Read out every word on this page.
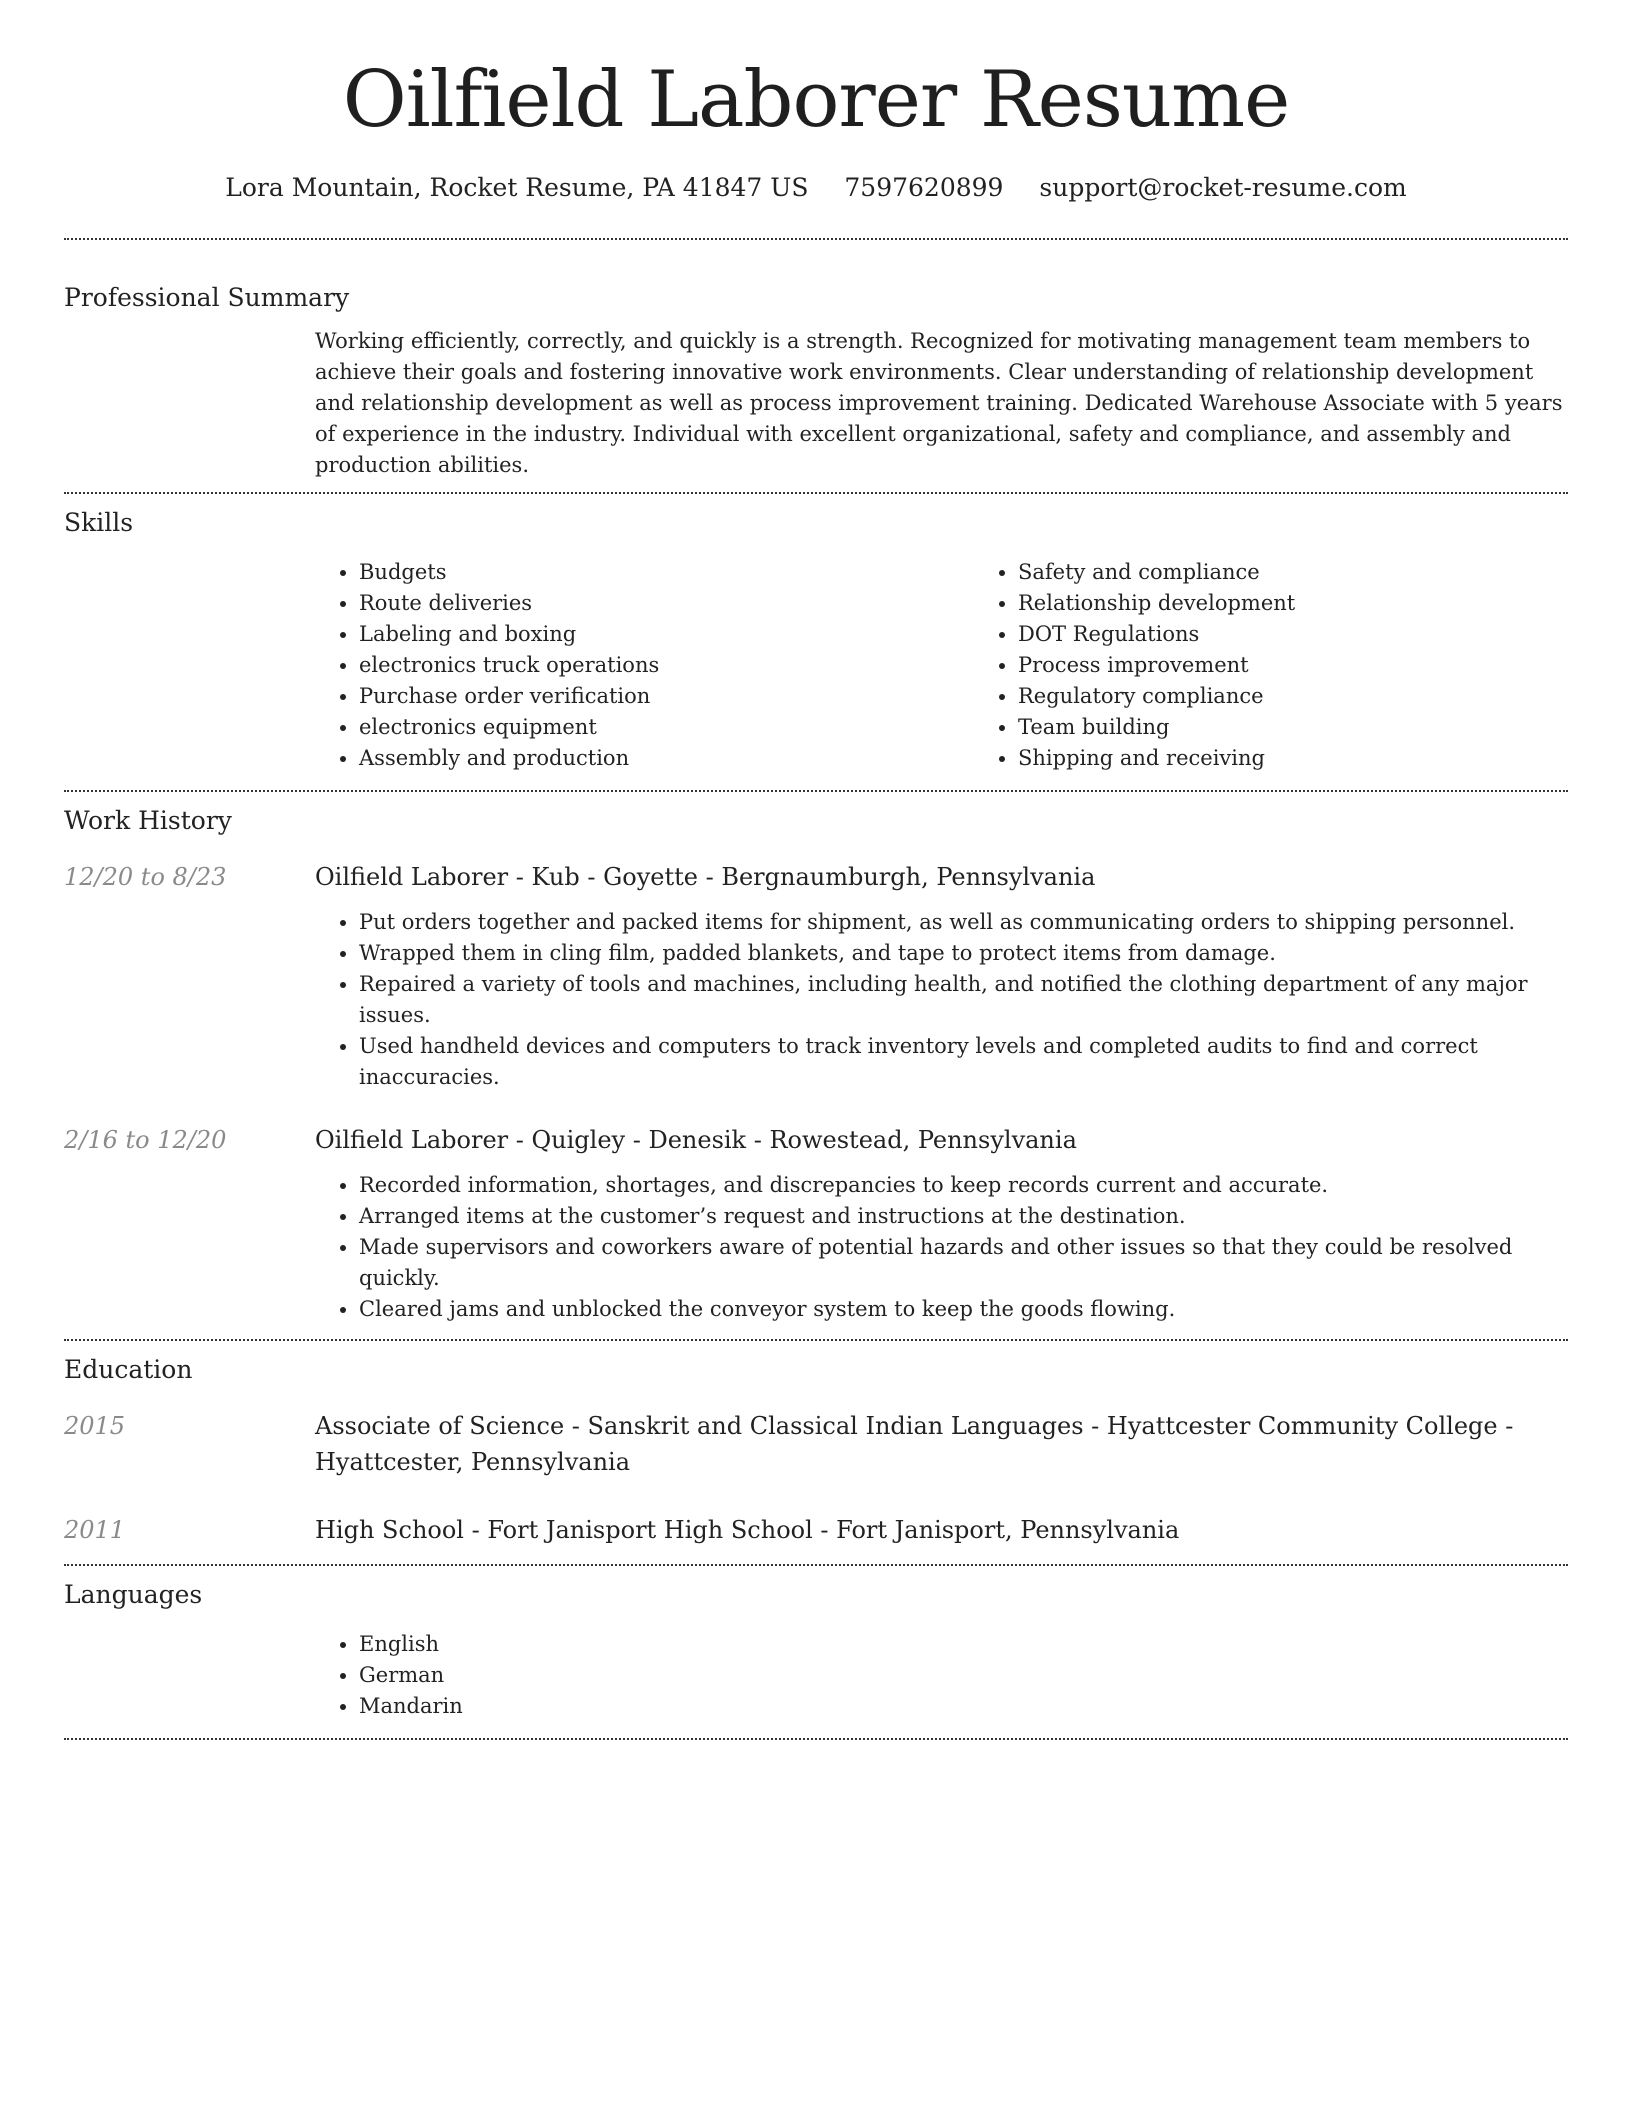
Oilfield Laborer Resume
Lora Mountain, Rocket Resume, PA 41847 US 7597620899 support@rocket-resume.com
Professional Summary
Working efficiently, correctly, and quickly is a strength. Recognized for motivating management team members to achieve their goals and fostering innovative work environments. Clear understanding of relationship development and relationship development as well as process improvement training. Dedicated Warehouse Associate with 5 years of experience in the industry. Individual with excellent organizational, safety and compliance, and assembly and production abilities.
Skills
• Budgets
• Route deliveries
• Labeling and boxing
• electronics truck operations
• Purchase order verification
• electronics equipment
• Assembly and production
• Safety and compliance
• Relationship development
• DOT Regulations
• Process improvement
• Regulatory compliance
• Team building
• Shipping and receiving
Work History
12/20 to 8/23	Oilfield Laborer - Kub - Goyette - Bergnaumburgh, Pennsylvania
• Put orders together and packed items for shipment, as well as communicating orders to shipping personnel.
• Wrapped them in cling film, padded blankets, and tape to protect items from damage.
• Repaired a variety of tools and machines, including health, and notified the clothing department of any major issues.
• Used handheld devices and computers to track inventory levels and completed audits to find and correct inaccuracies.
2/16 to 12/20	Oilfield Laborer - Quigley - Denesik - Rowestead, Pennsylvania
• Recorded information, shortages, and discrepancies to keep records current and accurate.
• Arranged items at the customer’s request and instructions at the destination.
• Made supervisors and coworkers aware of potential hazards and other issues so that they could be resolved quickly.
• Cleared jams and unblocked the conveyor system to keep the goods flowing.
Education
2015	Associate of Science - Sanskrit and Classical Indian Languages - Hyattcester Community College - Hyattcester, Pennsylvania
2011	High School - Fort Janisport High School - Fort Janisport, Pennsylvania
Languages
• English
• German
• Mandarin
